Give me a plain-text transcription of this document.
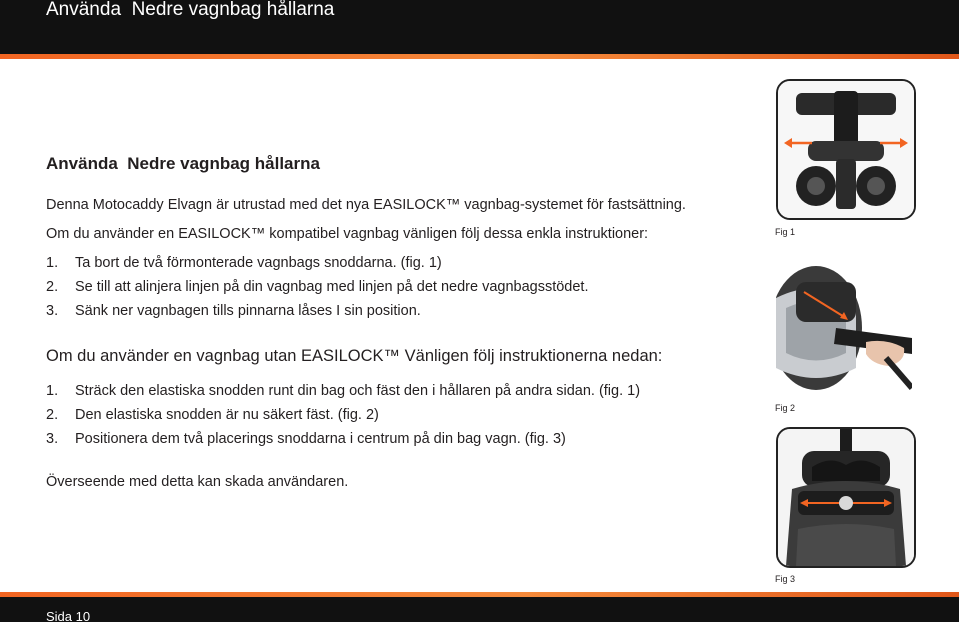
Använda  Nedre vagnbag hållarna
Använda  Nedre vagnbag hållarna
Denna Motocaddy Elvagn är utrustad med det nya EASILOCK™ vagnbag-systemet för fastsättning.
Om du använder en EASILOCK™ kompatibel vagnbag vänligen följ dessa enkla instruktioner:
1. Ta bort de två förmonterade vagnbags snoddarna. (fig. 1)
2. Se till att alinjera linjen på din vagnbag med linjen på det nedre vagnbagsstödet.
3. Sänk ner vagnbagen tills pinnarna låses I sin position.
Om du använder en vagnbag utan EASILOCK™ Vänligen följ instruktionerna nedan:
1. Sträck den elastiska snodden runt din bag och fäst den i hållaren på andra sidan. (fig. 1)
2. Den elastiska snodden är nu säkert fäst. (fig. 2)
3. Positionera dem två placerings snoddarna i centrum på din bag vagn. (fig. 3)
Överseende med detta kan skada användaren.
Fig 1
Fig 2
Fig 3
Sida 10
